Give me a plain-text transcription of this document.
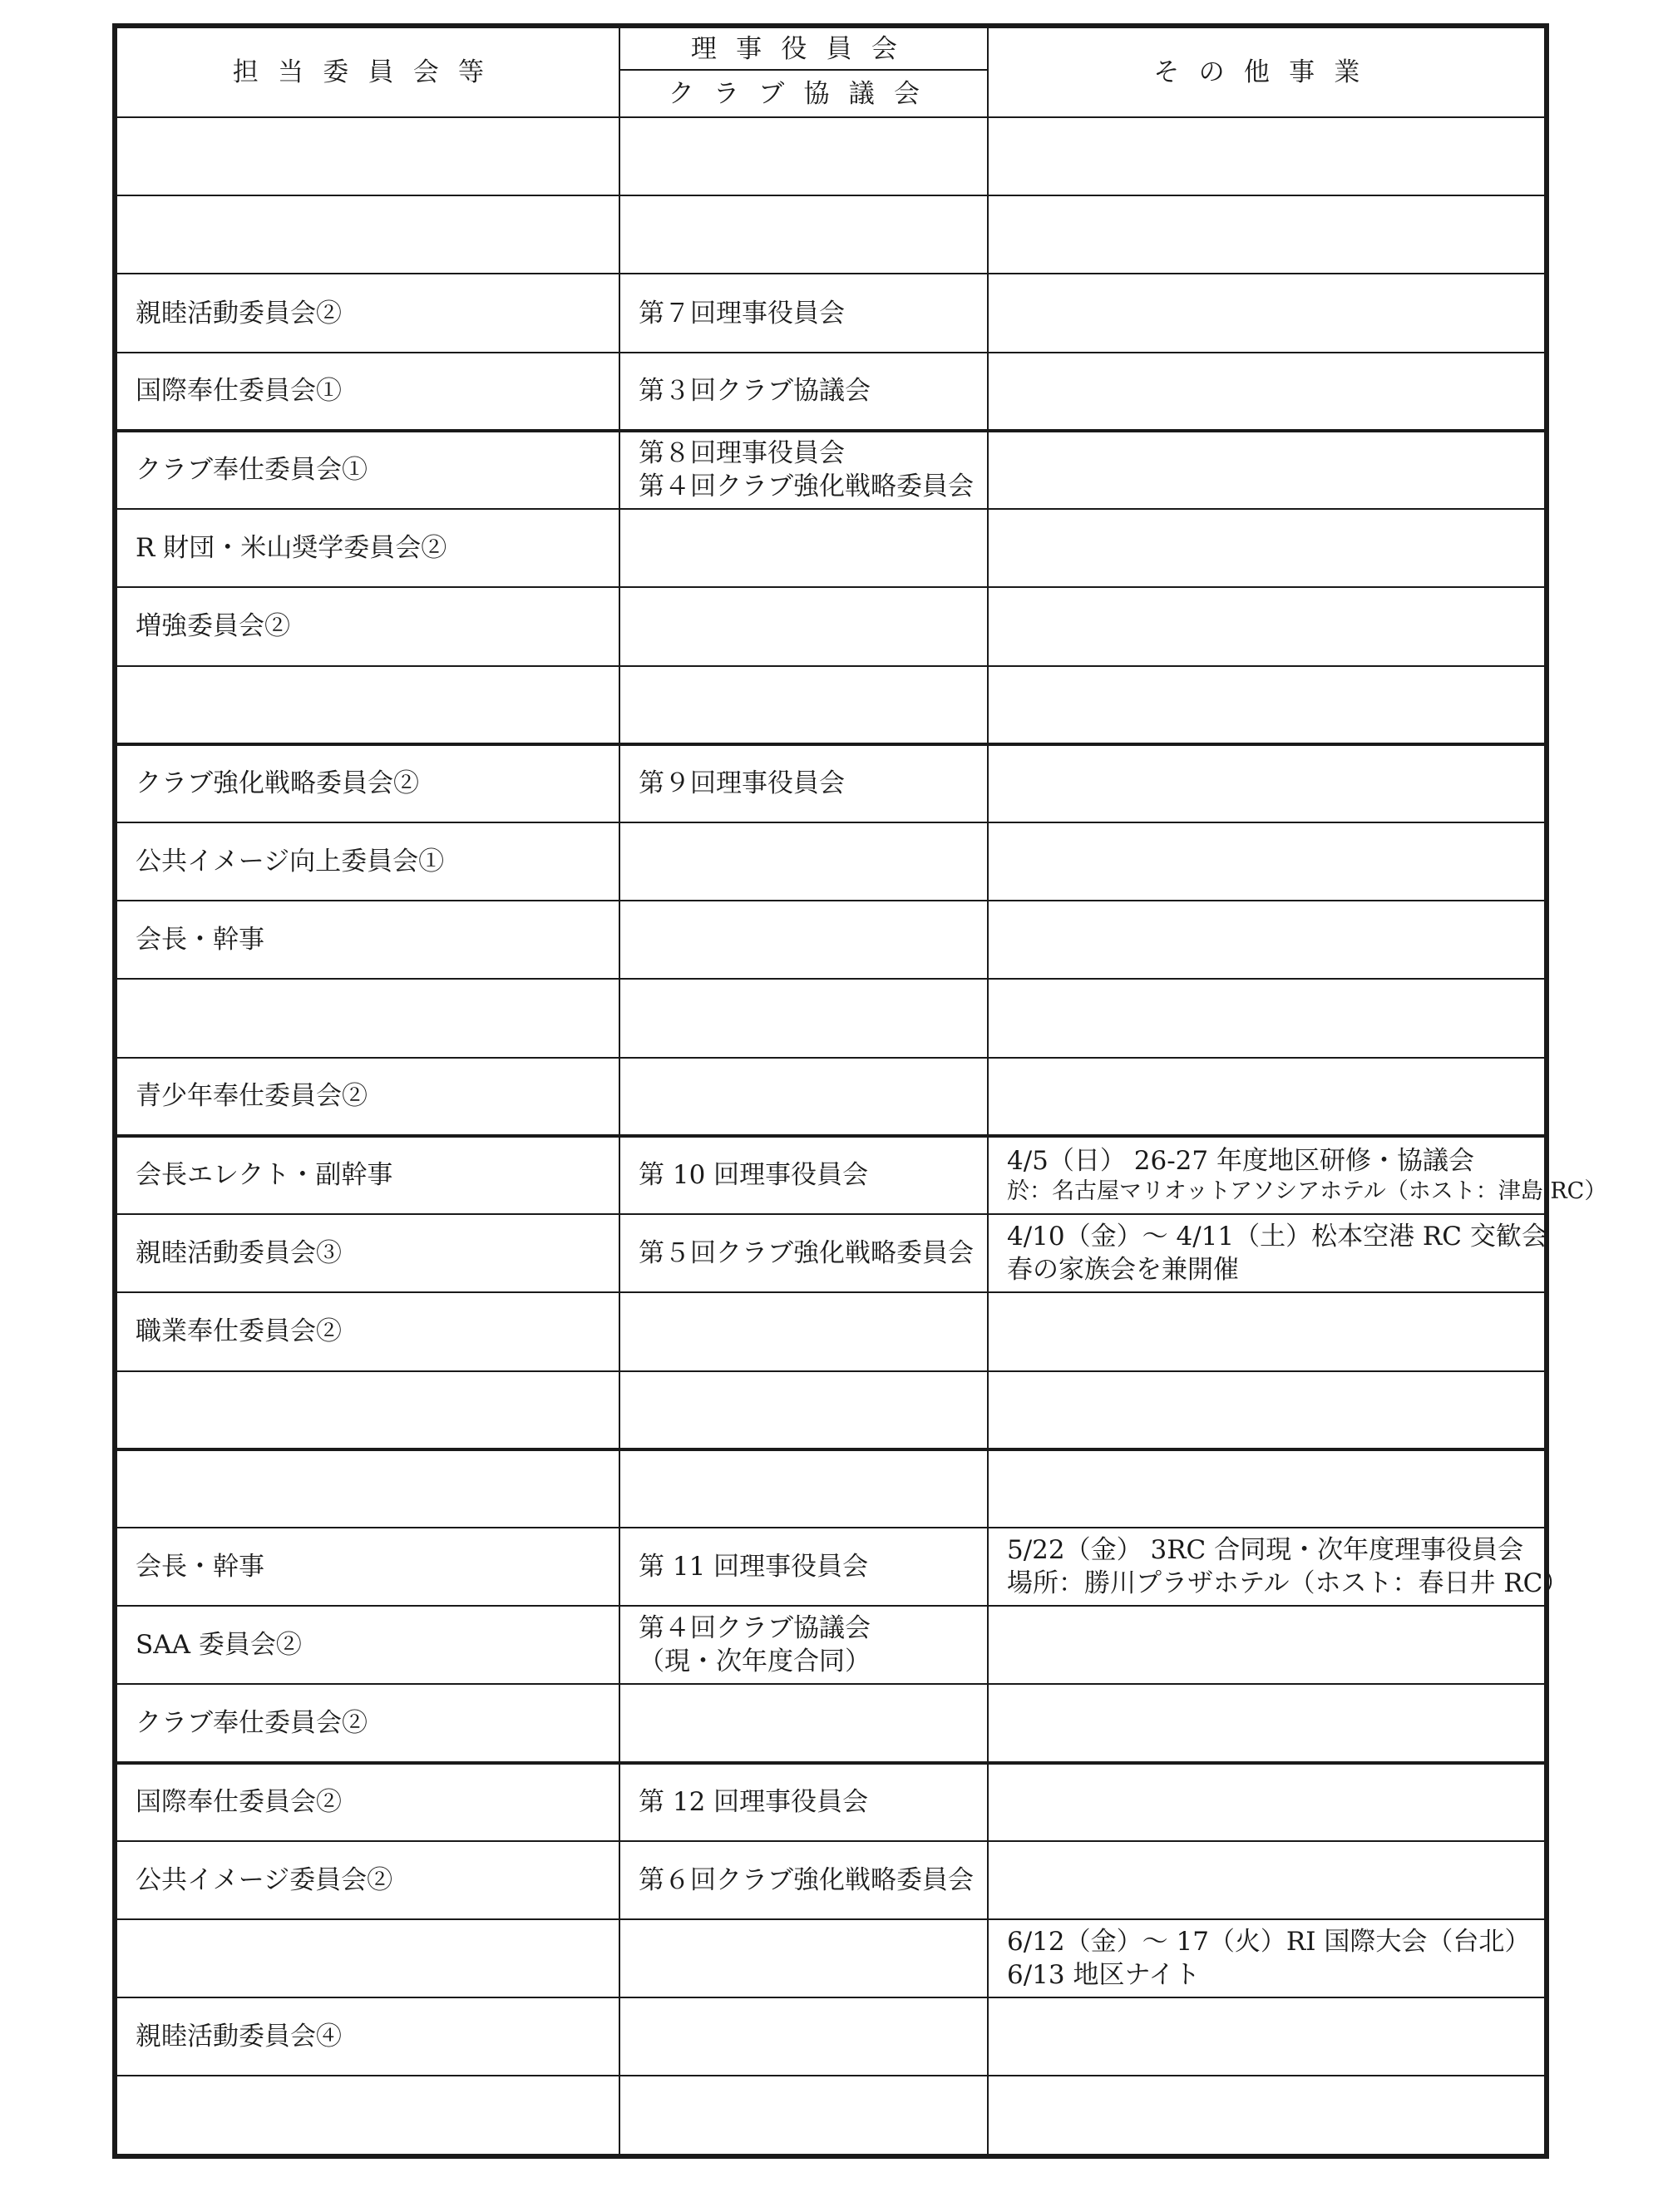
担当委員会等	理事役員会	その他事業
	クラブ協議会	

親睦活動委員会②	第７回理事役員会	

国際奉仕委員会①	第３回クラブ協議会	

クラブ奉仕委員会①	第８回理事役員会
第４回クラブ強化戦略委員会	

R 財団・米山奨学委員会②		
増強委員会②		

クラブ強化戦略委員会②	第９回理事役員会	

公共イメージ向上委員会①		
会長・幹事		

青少年奉仕委員会②		
会長エレクト・副幹事	第 10 回理事役員会	4/5（日） 26-27 年度地区研修・協議会
於：名古屋マリオットアソシアホテル（ホスト：津島 RC）

親睦活動委員会③	第５回クラブ強化戦略委員会	4/10（金）～ 4/11（土）松本空港 RC 交歓会
春の家族会を兼開催

職業奉仕委員会②		

会長・幹事	第 11 回理事役員会	5/22（金） 3RC 合同現・次年度理事役員会
場所：勝川プラザホテル（ホスト：春日井 RC）

SAA 委員会②	第４回クラブ協議会
（現・次年度合同）	

クラブ奉仕委員会②		
国際奉仕委員会②	第 12 回理事役員会	

公共イメージ委員会②	第６回クラブ強化戦略委員会	

		6/12（金）～ 17（火）RI 国際大会（台北）
6/13 地区ナイト

親睦活動委員会④		
